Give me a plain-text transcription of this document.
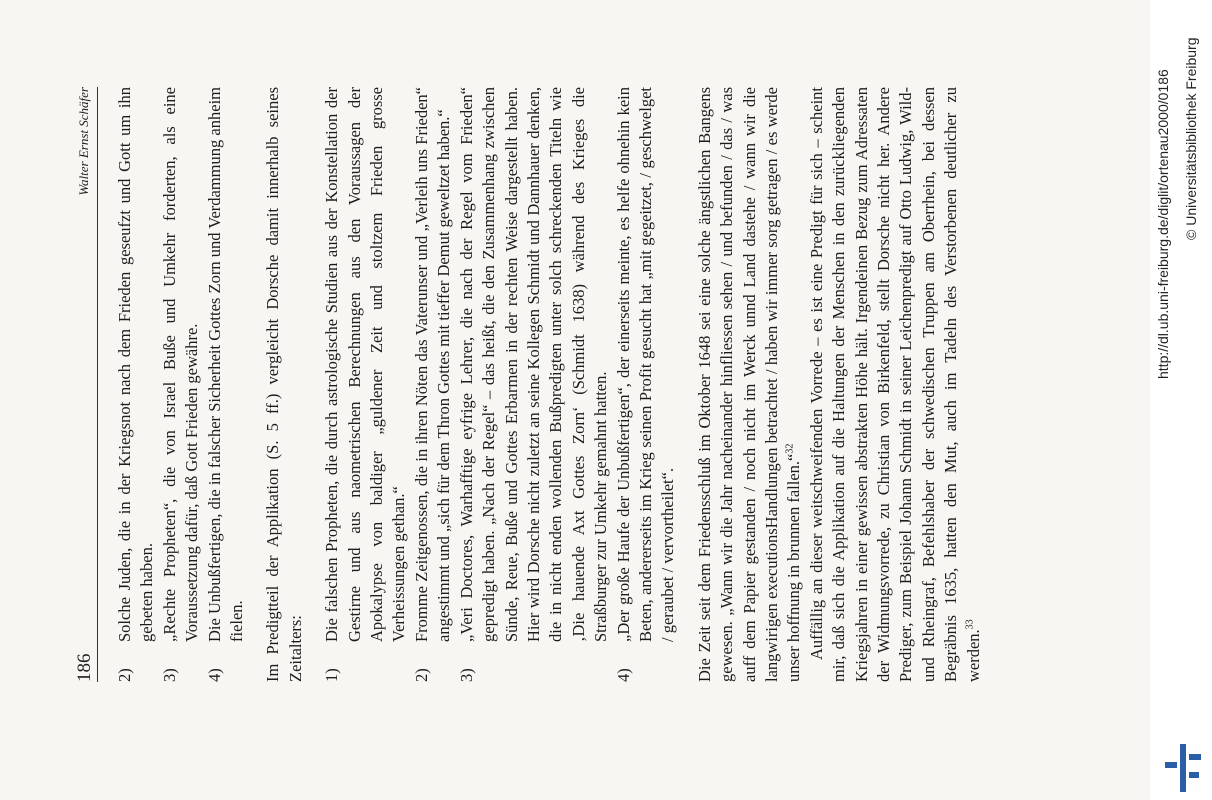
186
Walter Ernst Schäfer
2)
Solche Juden, die in der Kriegsnot nach dem Frieden geseufzt und Gott um ihn gebeten haben.
3)
„Rechte Propheten“, die von Israel Buße und Umkehr forderten, als eine Voraussetzung dafür, daß Gott Frieden gewähre.
4)
Die Unbußfertigen, die in falscher Sicherheit Gottes Zorn und Verdammung anheim fielen. Im Predigtteil der Applikation (S. 5 ff.) vergleicht Dorsche damit innerhalb seines Zeitalters: 1)
Die falschen Propheten, die durch astrologische Studien aus der Konstellation der Gestirne und aus naometrischen Berechnungen aus den Voraussagen der Apokalypse von baldiger „guldener Zeit und stoltzem Frieden grosse Verheissungen gethan.“
2)
Fromme Zeitgenossen, die in ihren Nöten das Vaterunser und „Verleih uns Frieden“ angestimmt und „sich für dem Thron Gottes mit tieffer Demut geweltzet haben.“
3)
„Veri Doctores, Warhafftige eyfrige Lehrer, die nach der Regel vom Frieden“ gepredigt haben. „Nach der Regel“ – das heißt, die den Zusammenhang zwischen Sünde, Reue, Buße und Gottes Erbarmen in der rechten Weise dargestellt haben. Hier wird Dorsche nicht zuletzt an seine Kollegen Schmidt und Dannhauer denken, die in nicht enden wollenden Bußpredigten unter solch schreckenden Titeln wie ‚Die hauende Axt Gottes Zorn‘ (Schmidt 1638) während des Krieges die Straßburger zur Umkehr gemahnt hatten.
4)
„Der große Haufe der Unbußfertigen“, der einerseits meinte, es helfe ohnehin kein Beten, andererseits im Krieg seinen Profit gesucht hat „mit gegeitzet, / geschwelget / geraubet / vervortheilet“. Die Zeit seit dem Friedensschluß im Oktober 1648 sei eine solche ängstlichen Bangens gewesen. „Wann wir die Jahr nacheinander hinfliessen sehen / und befunden / das / was auff dem Papier gestanden / noch nicht im Werck unnd Land dastehe / wann wir die langwirigen executionsHandlungen betrachtet / haben wir immer sorg getragen / es werde unser hoffnung in brunnen fallen.“$^{32}$ Auffällig an dieser weitschweifenden Vorrede – es ist eine Predigt für sich – scheint mir, daß sich die Applikation auf die Haltungen der Menschen in den zurückliegenden Kriegsjahren in einer gewissen abstrakten Höhe hält. Irgendeinen Bezug zum Adressaten der Widmungsvorrede, zu Christian von Birkenfeld, stellt Dorsche nicht her. Andere Prediger, zum Beispiel Johann Schmidt in seiner Leichenpredigt auf Otto Ludwig, Wild- und Rheingraf, Befehlshaber der schwedischen Truppen am Oberrhein, bei dessen Begräbnis 1635, hatten den Mut, auch im Tadeln des Verstorbenen deutlicher zu werden.$^{33}$

http://dl.ub.uni-freiburg.de/diglit/ortenau2000/0186 © Universitätsbibliothek Freiburg
